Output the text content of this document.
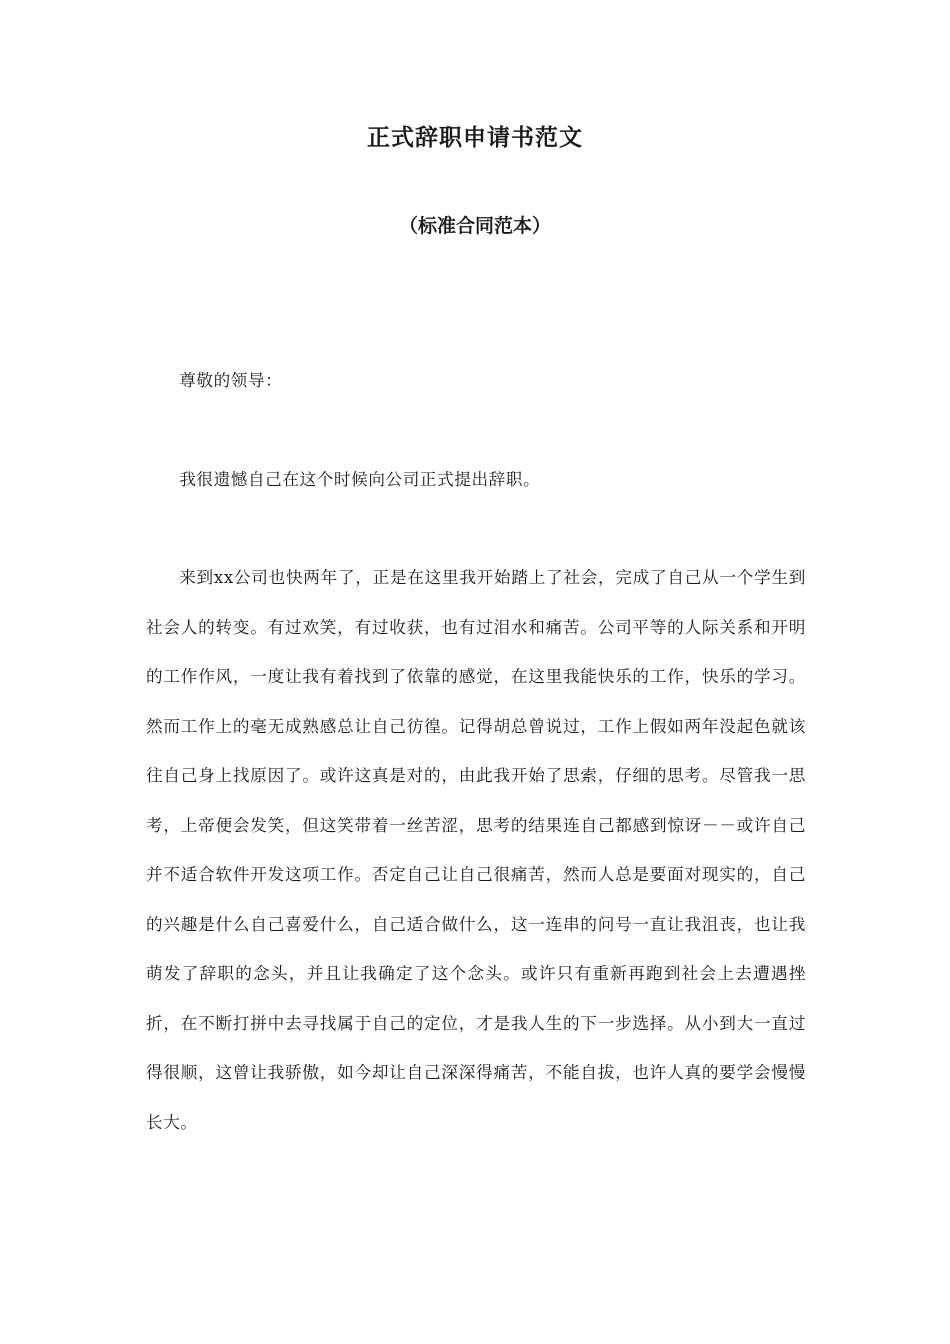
正式辞职申请书范文
（标准合同范本）

尊敬的领导：

我很遗憾自己在这个时候向公司正式提出辞职。

来到xx公司也快两年了，正是在这里我开始踏上了社会，完成了自己从一个学生到社会人的转变。有过欢笑，有过收获，也有过泪水和痛苦。公司平等的人际关系和开明的工作作风，一度让我有着找到了依靠的感觉，在这里我能快乐的工作，快乐的学习。然而工作上的毫无成熟感总让自己彷徨。记得胡总曾说过，工作上假如两年没起色就该往自己身上找原因了。或许这真是对的，由此我开始了思索，仔细的思考。尽管我一思考，上帝便会发笑，但这笑带着一丝苦涩，思考的结果连自己都感到惊讶－－或许自己并不适合软件开发这项工作。否定自己让自己很痛苦，然而人总是要面对现实的，自己的兴趣是什么自己喜爱什么，自己适合做什么，这一连串的问号一直让我沮丧，也让我萌发了辞职的念头，并且让我确定了这个念头。或许只有重新再跑到社会上去遭遇挫折，在不断打拼中去寻找属于自己的定位，才是我人生的下一步选择。从小到大一直过得很顺，这曾让我骄傲，如今却让自己深深得痛苦，不能自拔，也许人真的要学会慢慢长大。
